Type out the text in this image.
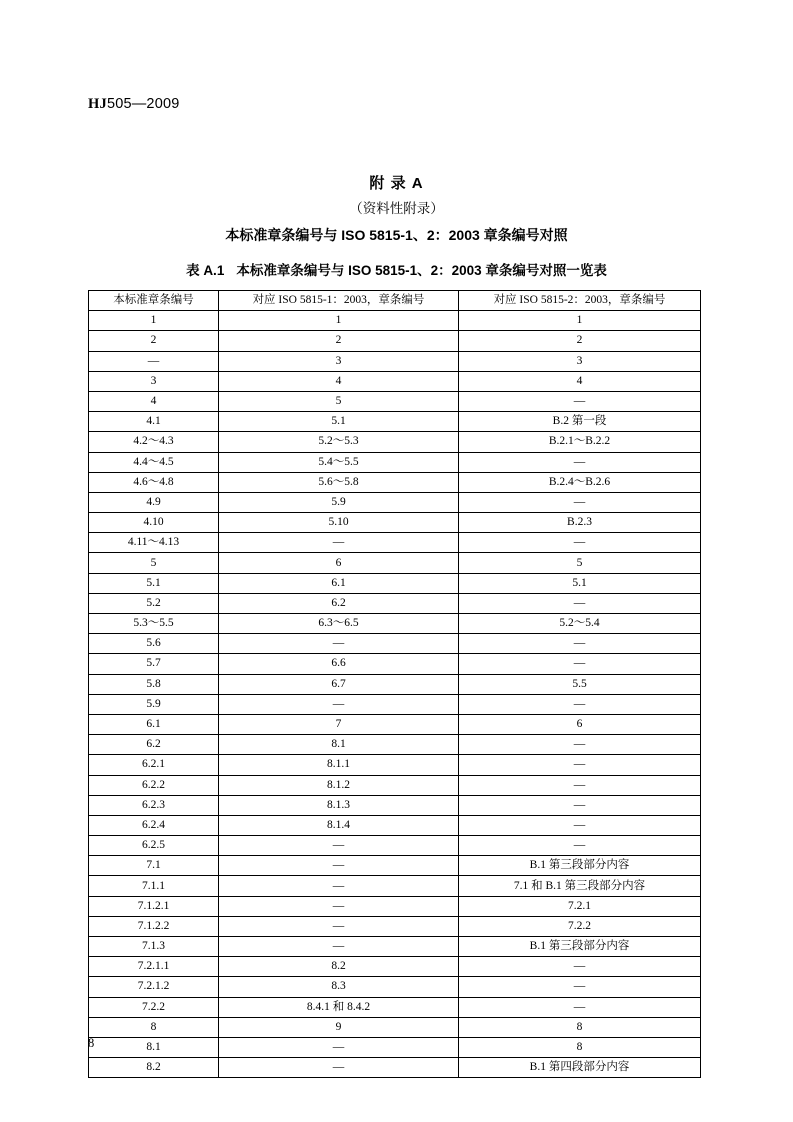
HJ505—2009
附 录 A
（资料性附录）
本标准章条编号与 ISO 5815-1、2：2003 章条编号对照
表 A.1 本标准章条编号与 ISO 5815-1、2：2003 章条编号对照一览表
本标准章条编号	对应 ISO 5815-1：2003，章条编号	对应 ISO 5815-2：2003，章条编号
1	1	1
2	2	2
—	3	3
3	4	4
4	5	—
4.1	5.1	B.2 第一段
4.2～4.3	5.2～5.3	B.2.1～B.2.2
4.4～4.5	5.4～5.5	—
4.6～4.8	5.6～5.8	B.2.4～B.2.6
4.9	5.9	—
4.10	5.10	B.2.3
4.11～4.13	—	—
5	6	5
5.1	6.1	5.1
5.2	6.2	—
5.3～5.5	6.3～6.5	5.2～5.4
5.6	—	—
5.7	6.6	—
5.8	6.7	5.5
5.9	—	—
6.1	7	6
6.2	8.1	—
6.2.1	8.1.1	—
6.2.2	8.1.2	—
6.2.3	8.1.3	—
6.2.4	8.1.4	—
6.2.5	—	—
7.1	—	B.1 第三段部分内容
7.1.1	—	7.1 和 B.1 第三段部分内容
7.1.2.1	—	7.2.1
7.1.2.2	—	7.2.2
7.1.3	—	B.1 第三段部分内容
7.2.1.1	8.2	—
7.2.1.2	8.3	—
7.2.2	8.4.1 和 8.4.2	—
8	9	8
8.1	—	8
8.2	—	B.1 第四段部分内容
8
